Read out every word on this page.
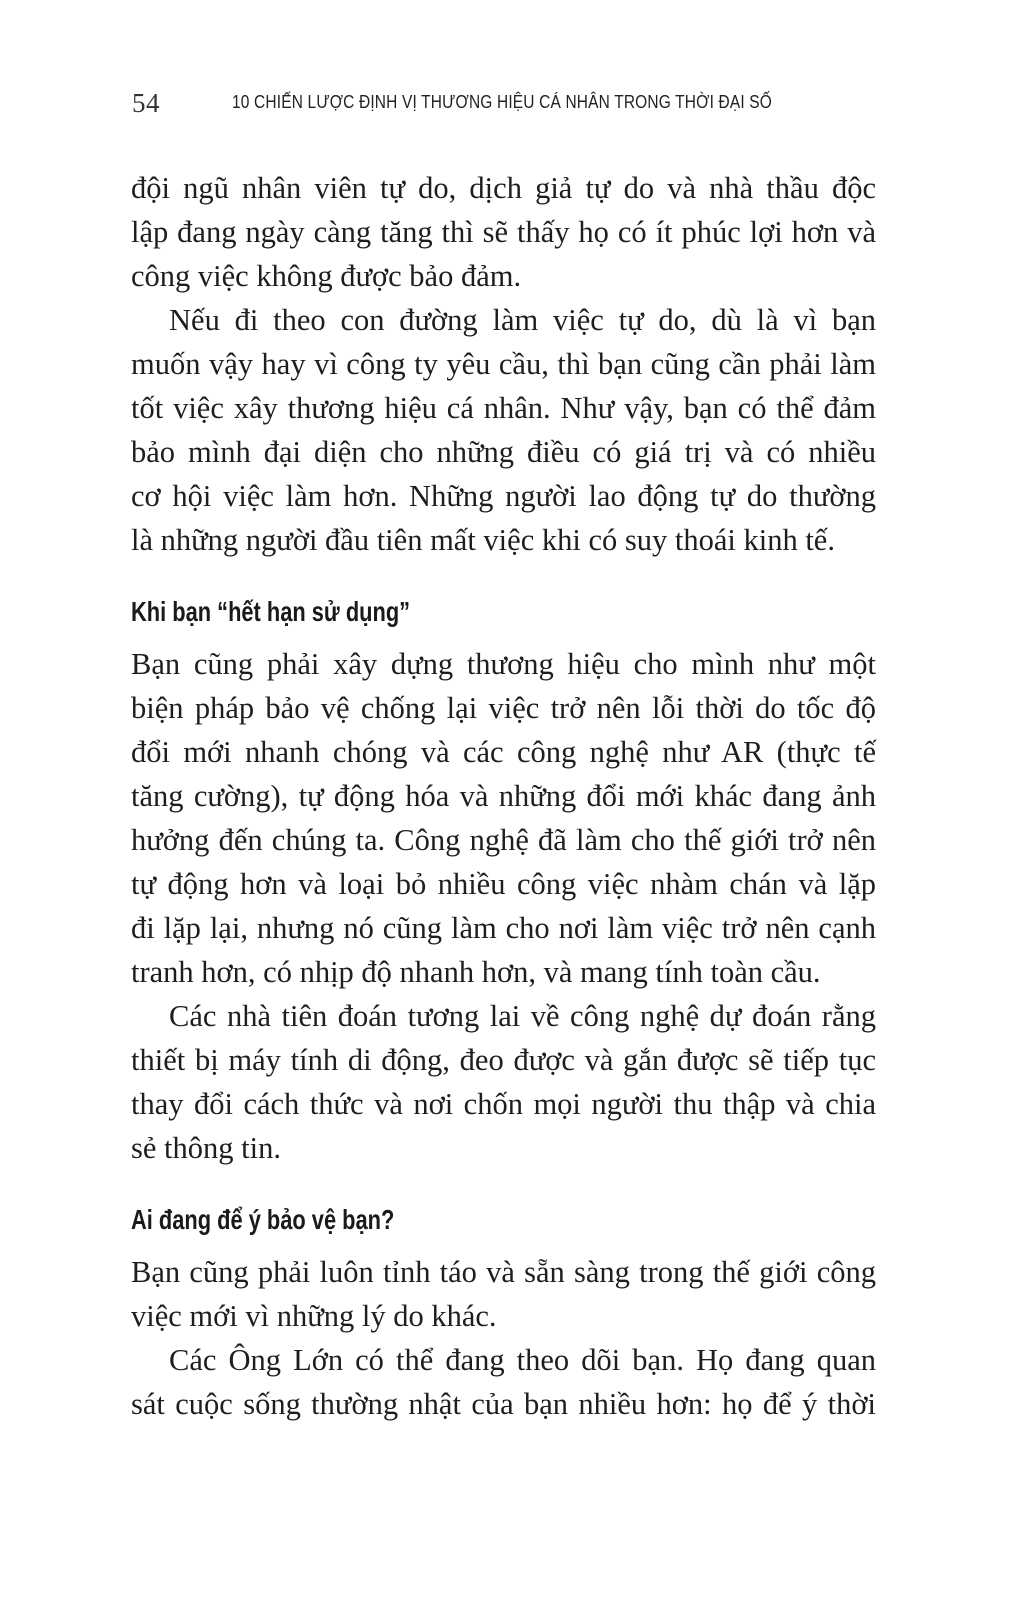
54	10 CHIẾN LƯỢC ĐỊNH VỊ THƯƠNG HIỆU CÁ NHÂN TRONG THỜI ĐẠI SỐ
đội ngũ nhân viên tự do, dịch giả tự do và nhà thầu độc
lập đang ngày càng tăng thì sẽ thấy họ có ít phúc lợi hơn và
công việc không được bảo đảm.
Nếu đi theo con đường làm việc tự do, dù là vì bạn
muốn vậy hay vì công ty yêu cầu, thì bạn cũng cần phải làm
tốt việc xây thương hiệu cá nhân. Như vậy, bạn có thể đảm
bảo mình đại diện cho những điều có giá trị và có nhiều
cơ hội việc làm hơn. Những người lao động tự do thường
là những người đầu tiên mất việc khi có suy thoái kinh tế.
Khi bạn “hết hạn sử dụng”
Bạn cũng phải xây dựng thương hiệu cho mình như một
biện pháp bảo vệ chống lại việc trở nên lỗi thời do tốc độ
đổi mới nhanh chóng và các công nghệ như AR (thực tế
tăng cường), tự động hóa và những đổi mới khác đang ảnh
hưởng đến chúng ta. Công nghệ đã làm cho thế giới trở nên
tự động hơn và loại bỏ nhiều công việc nhàm chán và lặp
đi lặp lại, nhưng nó cũng làm cho nơi làm việc trở nên cạnh
tranh hơn, có nhịp độ nhanh hơn, và mang tính toàn cầu.
Các nhà tiên đoán tương lai về công nghệ dự đoán rằng
thiết bị máy tính di động, đeo được và gắn được sẽ tiếp tục
thay đổi cách thức và nơi chốn mọi người thu thập và chia
sẻ thông tin.
Ai đang để ý bảo vệ bạn?
Bạn cũng phải luôn tỉnh táo và sẵn sàng trong thế giới công
việc mới vì những lý do khác.
Các Ông Lớn có thể đang theo dõi bạn. Họ đang quan
sát cuộc sống thường nhật của bạn nhiều hơn: họ để ý thời
